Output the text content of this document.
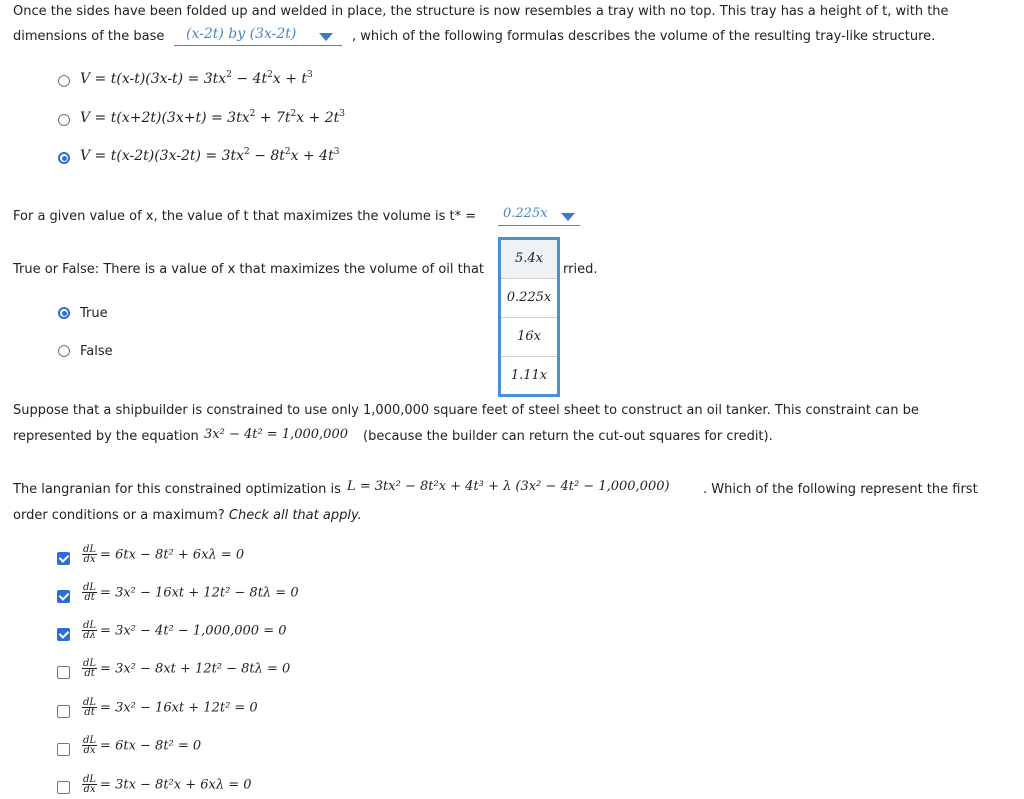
Once the sides have been folded up and welded in place, the structure is now resembles a tray with no top. This tray has a height of t, with the
dimensions of the base (x-2t) by (3x-2t)	, which of the following formulas describes the volume of the resulting tray-like structure.
$V = t(x-t)(3x-t) = 3tx^2 - 4t^2x + t^3$
$V = t(x+2t)(3x+t) = 3tx^2 + 7t^2x + 2t^3$
$V = t(x-2t)(3x-2t) = 3tx^2 - 8t^2x + 4t^3$
For a given value of x, the value of t that maximizes the volume is t* = 0.225x
True or False: There is a value of x that maximizes the volume of oil that	rried.
True
False
5.4x
0.225x
16x
1.11x
Suppose that a shipbuilder is constrained to use only 1,000,000 square feet of steel sheet to construct an oil tanker. This constraint can be
represented by the equation 3x² − 4t² = 1,000,000 (because the builder can return the cut-out squares for credit).
The langranian for this constrained optimization is L = 3tx² − 8t²x + 4t³ + λ (3x² − 4t² − 1,000,000)	. Which of the following represent the first
order conditions or a maximum? Check all that apply.
$\frac{dL}{dx} = 6tx - 8t^2 + 6x\lambda = 0$
$\frac{dL}{dt} = 3x^2 - 16xt + 12t^2 - 8t\lambda = 0$
$\frac{dL}{d\lambda} = 3x^2 - 4t^2 - 1,000,000 = 0$
$\frac{dL}{dt} = 3x^2 - 8xt + 12t^2 - 8t\lambda = 0$
$\frac{dL}{dt} = 3x^2 - 16xt + 12t^2 = 0$
$\frac{dL}{dx} = 6tx - 8t^2 = 0$
$\frac{dL}{dx} = 3tx - 8t^2x + 6x\lambda = 0$
